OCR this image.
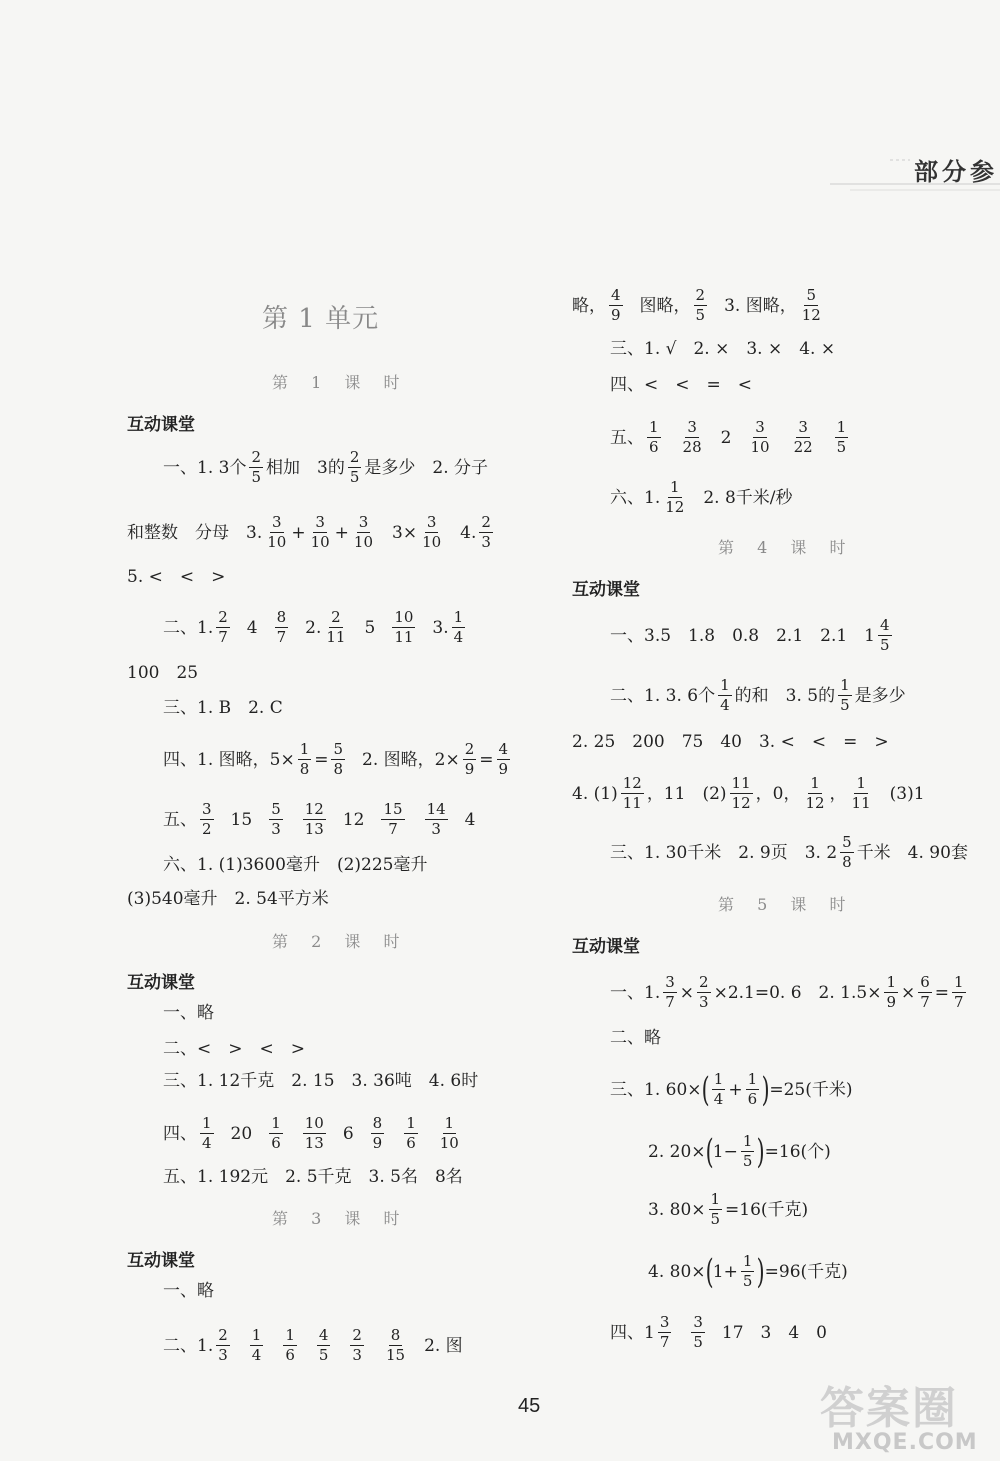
部分参
第 1 单元
第 1 课 时
互动课堂
一、1. 3个 $\frac{2}{5}$ 相加　3的 $\frac{2}{5}$ 是多少　2. 分子
和整数　分母　3. $\frac{3}{10} + \frac{3}{10} + \frac{3}{10} 3\times \frac{3}{10} 4$. $\frac{2}{3}$
5. <　<　>
二、1. $\frac{2}{7} 4 \frac{8}{7} 2$. $\frac{2}{11} 5 \frac{10}{11} 3$. $\frac{1}{4}$
100　25
三、1. B　2. C
四、1. 图略，$5\times \frac{1}{8} = \frac{5}{8} 2$. 图略，$2\times \frac{2}{9} = \frac{4}{9}$
五、 $\frac{3}{2} 15 \frac{5}{3} \frac{12}{13} 12 \frac{15}{7} \frac{14}{3} 4$
六、1. (1)3600毫升　(2)225毫升
(3)540毫升　2. 54平方米
第 2 课 时
互动课堂
一、略
二、<　>　<　>
三、1. 12千克　2. 15　3. 36吨　4. 6时
四、 $\frac{1}{4} 20 \frac{1}{6} \frac{10}{13} 6 \frac{8}{9} \frac{1}{6} \frac{1}{10}$
五、1. 192元　2. 5千克　3. 5名　8名
第 3 课 时
互动课堂
一、略
二、1. $\frac{2}{3} \frac{1}{4} \frac{1}{6} \frac{4}{5} \frac{2}{3} \frac{8}{15} 2$. 图
略， $\frac{4}{9}$ 图略， $\frac{2}{5} 3$. 图略， $\frac{5}{12}$
三、1. √　2. ×　3. ×　4. ×
四、<　<　=　<
五、 $\frac{1}{6} \frac{3}{28} 2 \frac{3}{10} \frac{3}{22} \frac{1}{5}$
六、1. $\frac{1}{12} 2$. 8千米/秒
第 4 课 时
互动课堂
一、3.5　1.8　0.8　2.1　2.1　$1 \frac{4}{5}$
二、1. 3. 6个 $\frac{1}{4}$ 的和　3. 5的 $\frac{1}{5}$ 是多少
2. 25　200　75　40　3. <　<　=　>
4. $(1) \frac{12}{11}$ ，11　$(2) \frac{11}{12}$ ，0， $\frac{1}{12}$ ， $\frac{1}{11} (3)1$
三、1. 30千米　2. 9页　3. $2 \frac{5}{8}$ 千米　4. 90套
第 5 课 时
互动课堂
一、1. $\frac{3}{7} \times \frac{2}{3} \times 2.1=0$. 6　2. $1.5\times \frac{1}{9} \times \frac{6}{7} = \frac{1}{7}$
二、略
三、1. 60× ( $\frac{1}{4} + \frac{1}{6}$ ) =25(千米)
2. 20× ( $1- \frac{1}{5}$ ) =16(个)
3. $80\times \frac{1}{5} =16$(千克)
4. 80× ( $1+ \frac{1}{5}$ ) =96(千克)
四、$1 \frac{3}{7} \frac{3}{5} 17$　3　4　0
45	答案圈
MXQE.COM
